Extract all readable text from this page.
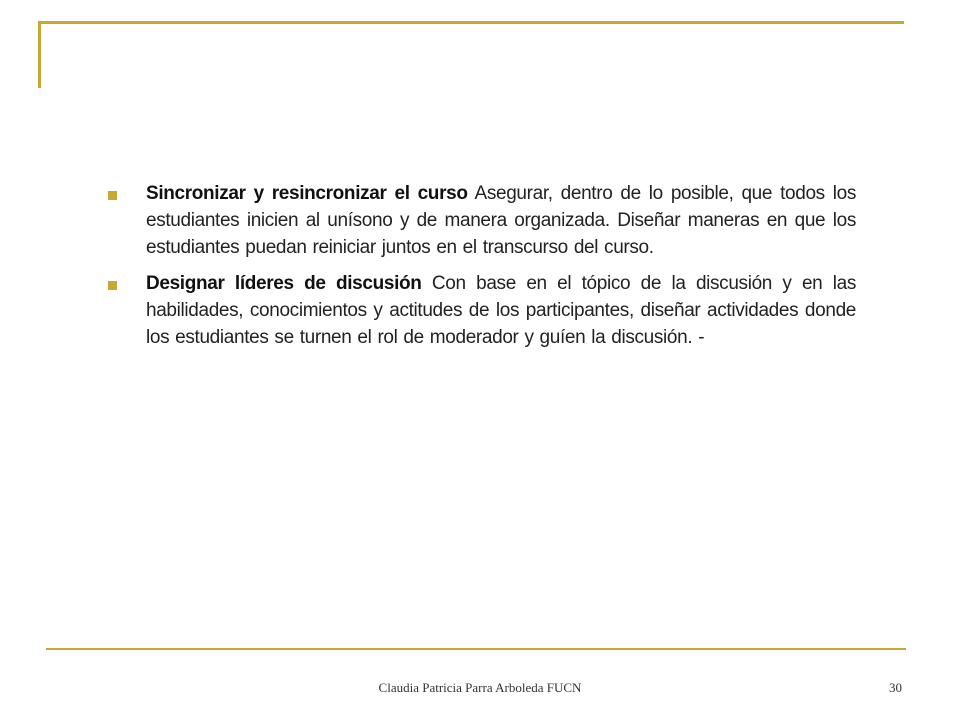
Sincronizar y resincronizar el curso Asegurar, dentro de lo posible, que todos los estudiantes inicien al unísono y de manera organizada. Diseñar maneras en que los estudiantes puedan reiniciar juntos en el transcurso del curso.
Designar líderes de discusión Con base en el tópico de la discusión y en las habilidades, conocimientos y actitudes de los participantes, diseñar actividades donde los estudiantes se turnen el rol de moderador y guíen la discusión. -
Claudia Patricia Parra Arboleda FUCN	30
